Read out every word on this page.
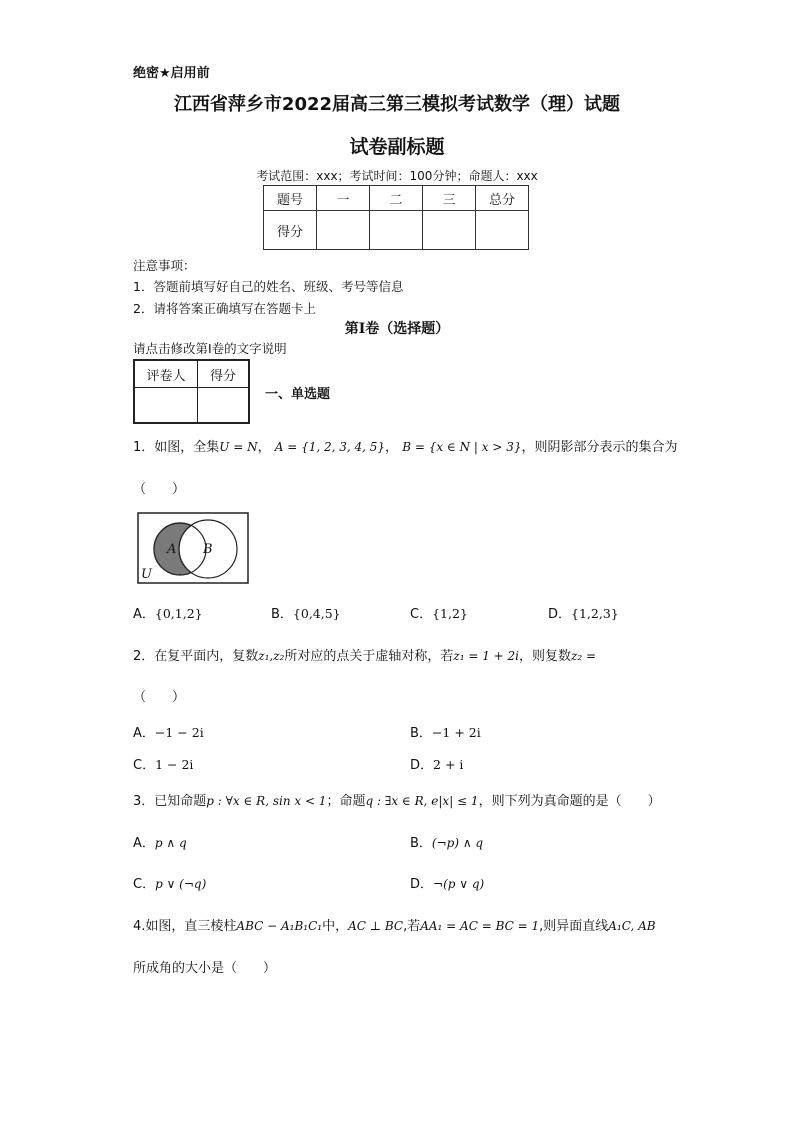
绝密★启用前
江西省萍乡市2022届高三第三模拟考试数学（理）试题
试卷副标题
考试范围：xxx；考试时间：100分钟；命题人：xxx
题号	一	二	三	总分
得分				
注意事项：
1．答题前填写好自己的姓名、班级、考号等信息
2．请将答案正确填写在答题卡上
第I卷（选择题）
请点击修改第I卷的文字说明
评卷人	得分

一、单选题
1．如图，全集U = N， A = {1, 2, 3, 4, 5}， B = {x ∈ N | x > 3}，则阴影部分表示的集合为
（　　）
A B
U
A．{0,1,2}	B．{0,4,5}	C．{1,2}	D．{1,2,3}
2．在复平面内，复数z₁,z₂所对应的点关于虚轴对称，若z₁ = 1 + 2i，则复数z₂ =
（　　）
A．−1 − 2i	B．−1 + 2i
C．1 − 2i	D．2 + i
3．已知命题p : ∀x ∈ R, sin x < 1；命题q : ∃x ∈ R, e|x| ≤ 1，则下列为真命题的是（　　）
A．p ∧ q	B．(¬p) ∧ q
C．p ∨ (¬q)	D．¬(p ∨ q)
4.如图，直三棱柱ABC − A₁B₁C₁中，AC ⊥ BC,若AA₁ = AC = BC = 1,则异面直线A₁C, AB
所成角的大小是（　　）
